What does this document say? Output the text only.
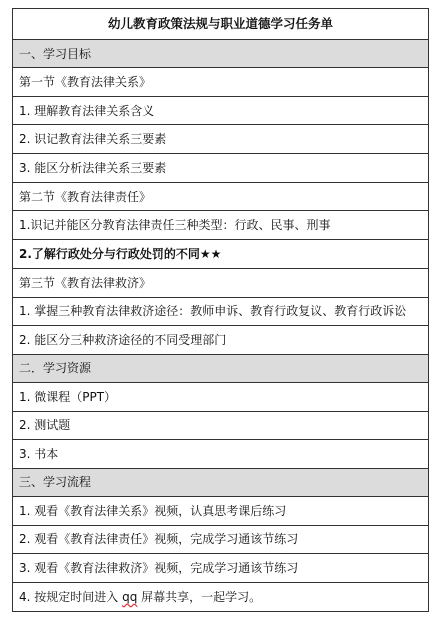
幼儿教育政策法规与职业道德学习任务单
一、学习目标
第一节《教育法律关系》
1. 理解教育法律关系含义
2. 识记教育法律关系三要素
3. 能区分析法律关系三要素
第二节《教育法律责任》
1.识记并能区分教育法律责任三种类型：行政、民事、刑事
2.了解行政处分与行政处罚的不同★★
第三节《教育法律救济》
1. 掌握三种教育法律救济途径：教师申诉、教育行政复议、教育行政诉讼
2. 能区分三种救济途径的不同受理部门
二．学习资源
1. 微课程（PPT）
2. 测试题
3. 书本
三、学习流程
1. 观看《教育法律关系》视频，认真思考课后练习
2. 观看《教育法律责任》视频，完成学习通该节练习
3. 观看《教育法律救济》视频，完成学习通该节练习
4. 按规定时间进入 qq 屏幕共享，一起学习。
